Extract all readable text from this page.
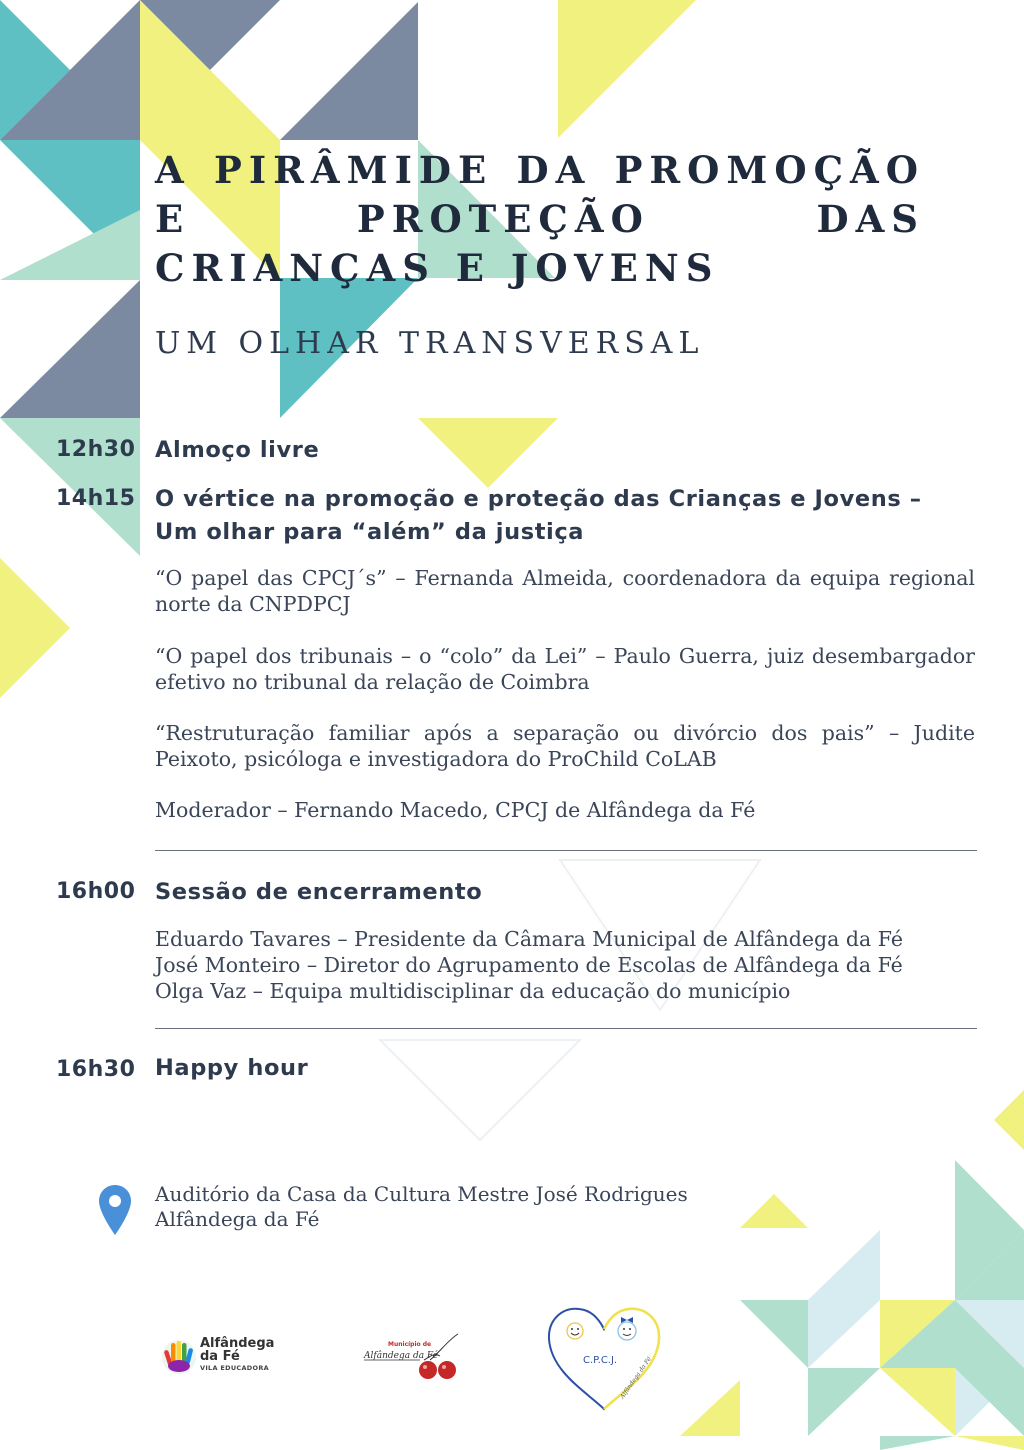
A PIRÂMIDE DA PROMOÇÃO E PROTEÇÃO DAS CRIANÇAS E JOVENS
UM OLHAR TRANSVERSAL
12h30 Almoço livre
14h15 O vértice na promoção e proteção das Crianças e Jovens –
Um olhar para “além” da justiça
“O papel das CPCJ´s” – Fernanda Almeida, coordenadora da equipa regional norte da CNPDPCJ
“O papel dos tribunais – o “colo” da Lei” – Paulo Guerra, juiz desembargador efetivo no tribunal da relação de Coimbra
“Restruturação familiar após a separação ou divórcio dos pais” – Judite Peixoto, psicóloga e investigadora do ProChild CoLAB
Moderador – Fernando Macedo, CPCJ de Alfândega da Fé
16h00 Sessão de encerramento
Eduardo Tavares – Presidente da Câmara Municipal de Alfândega da Fé
José Monteiro – Diretor do Agrupamento de Escolas de Alfândega da Fé
Olga Vaz – Equipa multidisciplinar da educação do município
16h30 Happy hour
Auditório da Casa da Cultura Mestre José Rodrigues
Alfândega da Fé
Alfândega
da Fé
VILA EDUCADORA
Município de
Alfândega da Fé	C.P.C.J. Alfândega da Fé
